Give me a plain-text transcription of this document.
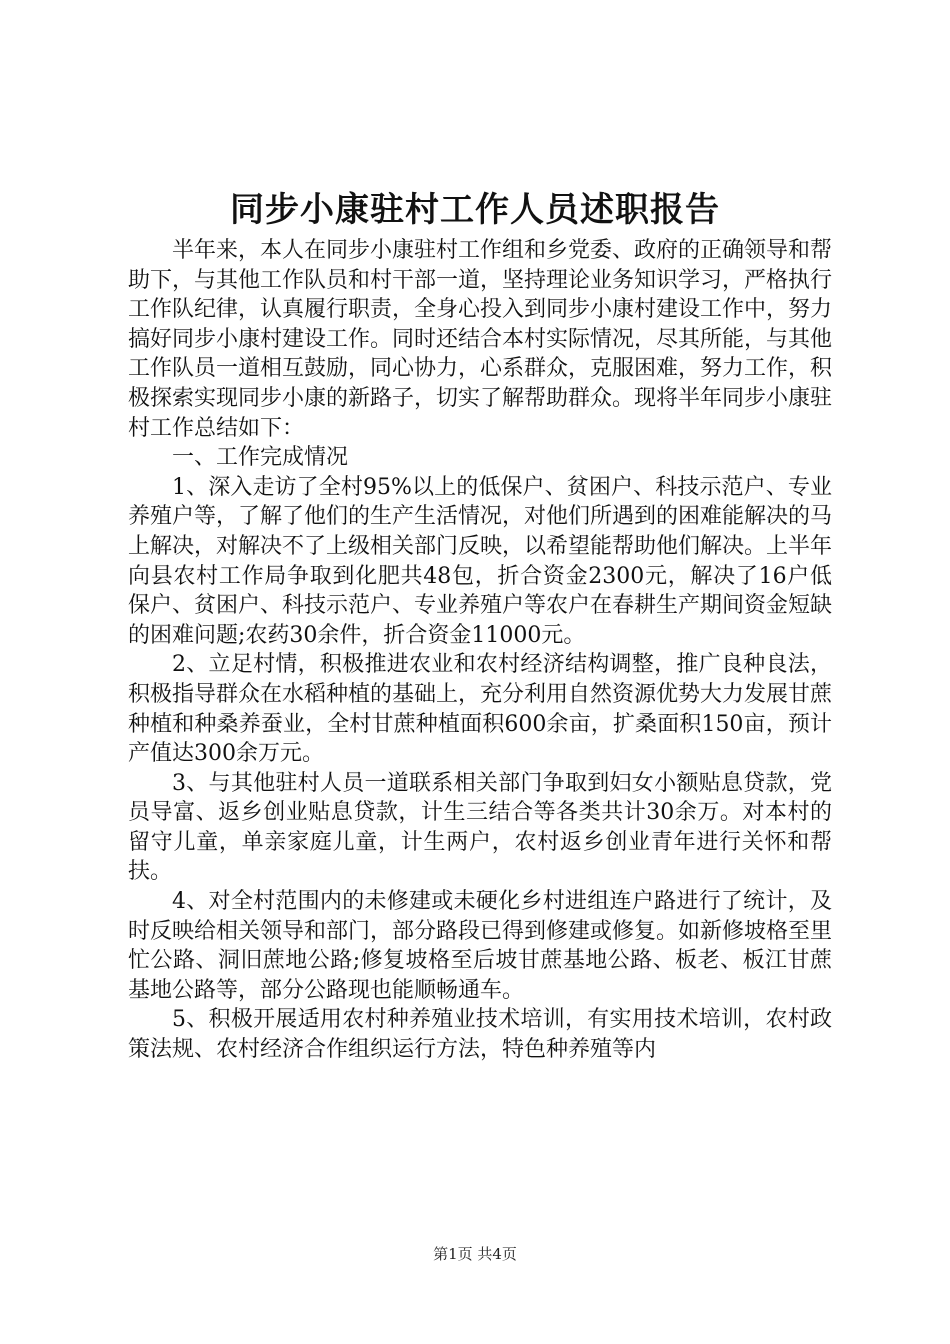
同步小康驻村工作人员述职报告

半年来，本人在同步小康驻村工作组和乡党委、政府的正确领导和帮助下，与其他工作队员和村干部一道，坚持理论业务知识学习，严格执行工作队纪律，认真履行职责，全身心投入到同步小康村建设工作中，努力搞好同步小康村建设工作。同时还结合本村实际情况，尽其所能，与其他工作队员一道相互鼓励，同心协力，心系群众，克服困难，努力工作，积极探索实现同步小康的新路子，切实了解帮助群众。现将半年同步小康驻村工作总结如下：

一、工作完成情况

1、深入走访了全村95%以上的低保户、贫困户、科技示范户、专业养殖户等，了解了他们的生产生活情况，对他们所遇到的困难能解决的马上解决，对解决不了上级相关部门反映，以希望能帮助他们解决。上半年向县农村工作局争取到化肥共48包，折合资金2300元，解决了16户低保户、贫困户、科技示范户、专业养殖户等农户在春耕生产期间资金短缺的困难问题;农药30余件，折合资金11000元。

2、立足村情，积极推进农业和农村经济结构调整，推广良种良法，积极指导群众在水稻种植的基础上，充分利用自然资源优势大力发展甘蔗种植和种桑养蚕业，全村甘蔗种植面积600余亩，扩桑面积150亩，预计产值达300余万元。

3、与其他驻村人员一道联系相关部门争取到妇女小额贴息贷款，党员导富、返乡创业贴息贷款，计生三结合等各类共计30余万。对本村的留守儿童，单亲家庭儿童，计生两户，农村返乡创业青年进行关怀和帮扶。

4、对全村范围内的未修建或未硬化乡村进组连户路进行了统计，及时反映给相关领导和部门，部分路段已得到修建或修复。如新修坡格至里忙公路、洞旧蔗地公路;修复坡格至后坡甘蔗基地公路、板老、板江甘蔗基地公路等，部分公路现也能顺畅通车。

5、积极开展适用农村种养殖业技术培训，有实用技术培训，农村政策法规、农村经济合作组织运行方法，特色种养殖等内

第1页 共4页
